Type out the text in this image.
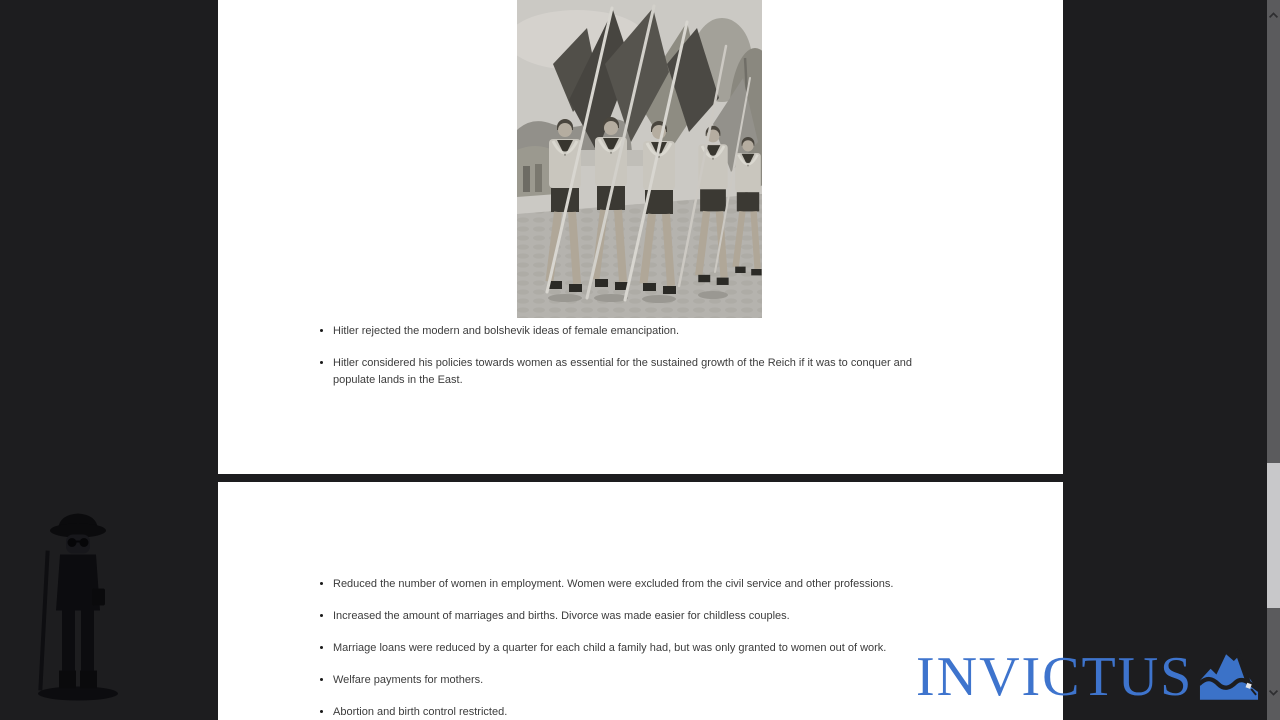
• Hitler rejected the modern and bolshevik ideas of female emancipation.
• Hitler considered his policies towards women as essential for the sustained growth of the Reich if it was to conquer and populate lands in the East.
• Reduced the number of women in employment. Women were excluded from the civil service and other professions.
• Increased the amount of marriages and births. Divorce was made easier for childless couples.
• Marriage loans were reduced by a quarter for each child a family had, but was only granted to women out of work.
• Welfare payments for mothers.
• Abortion and birth control restricted.
INVICTUS
